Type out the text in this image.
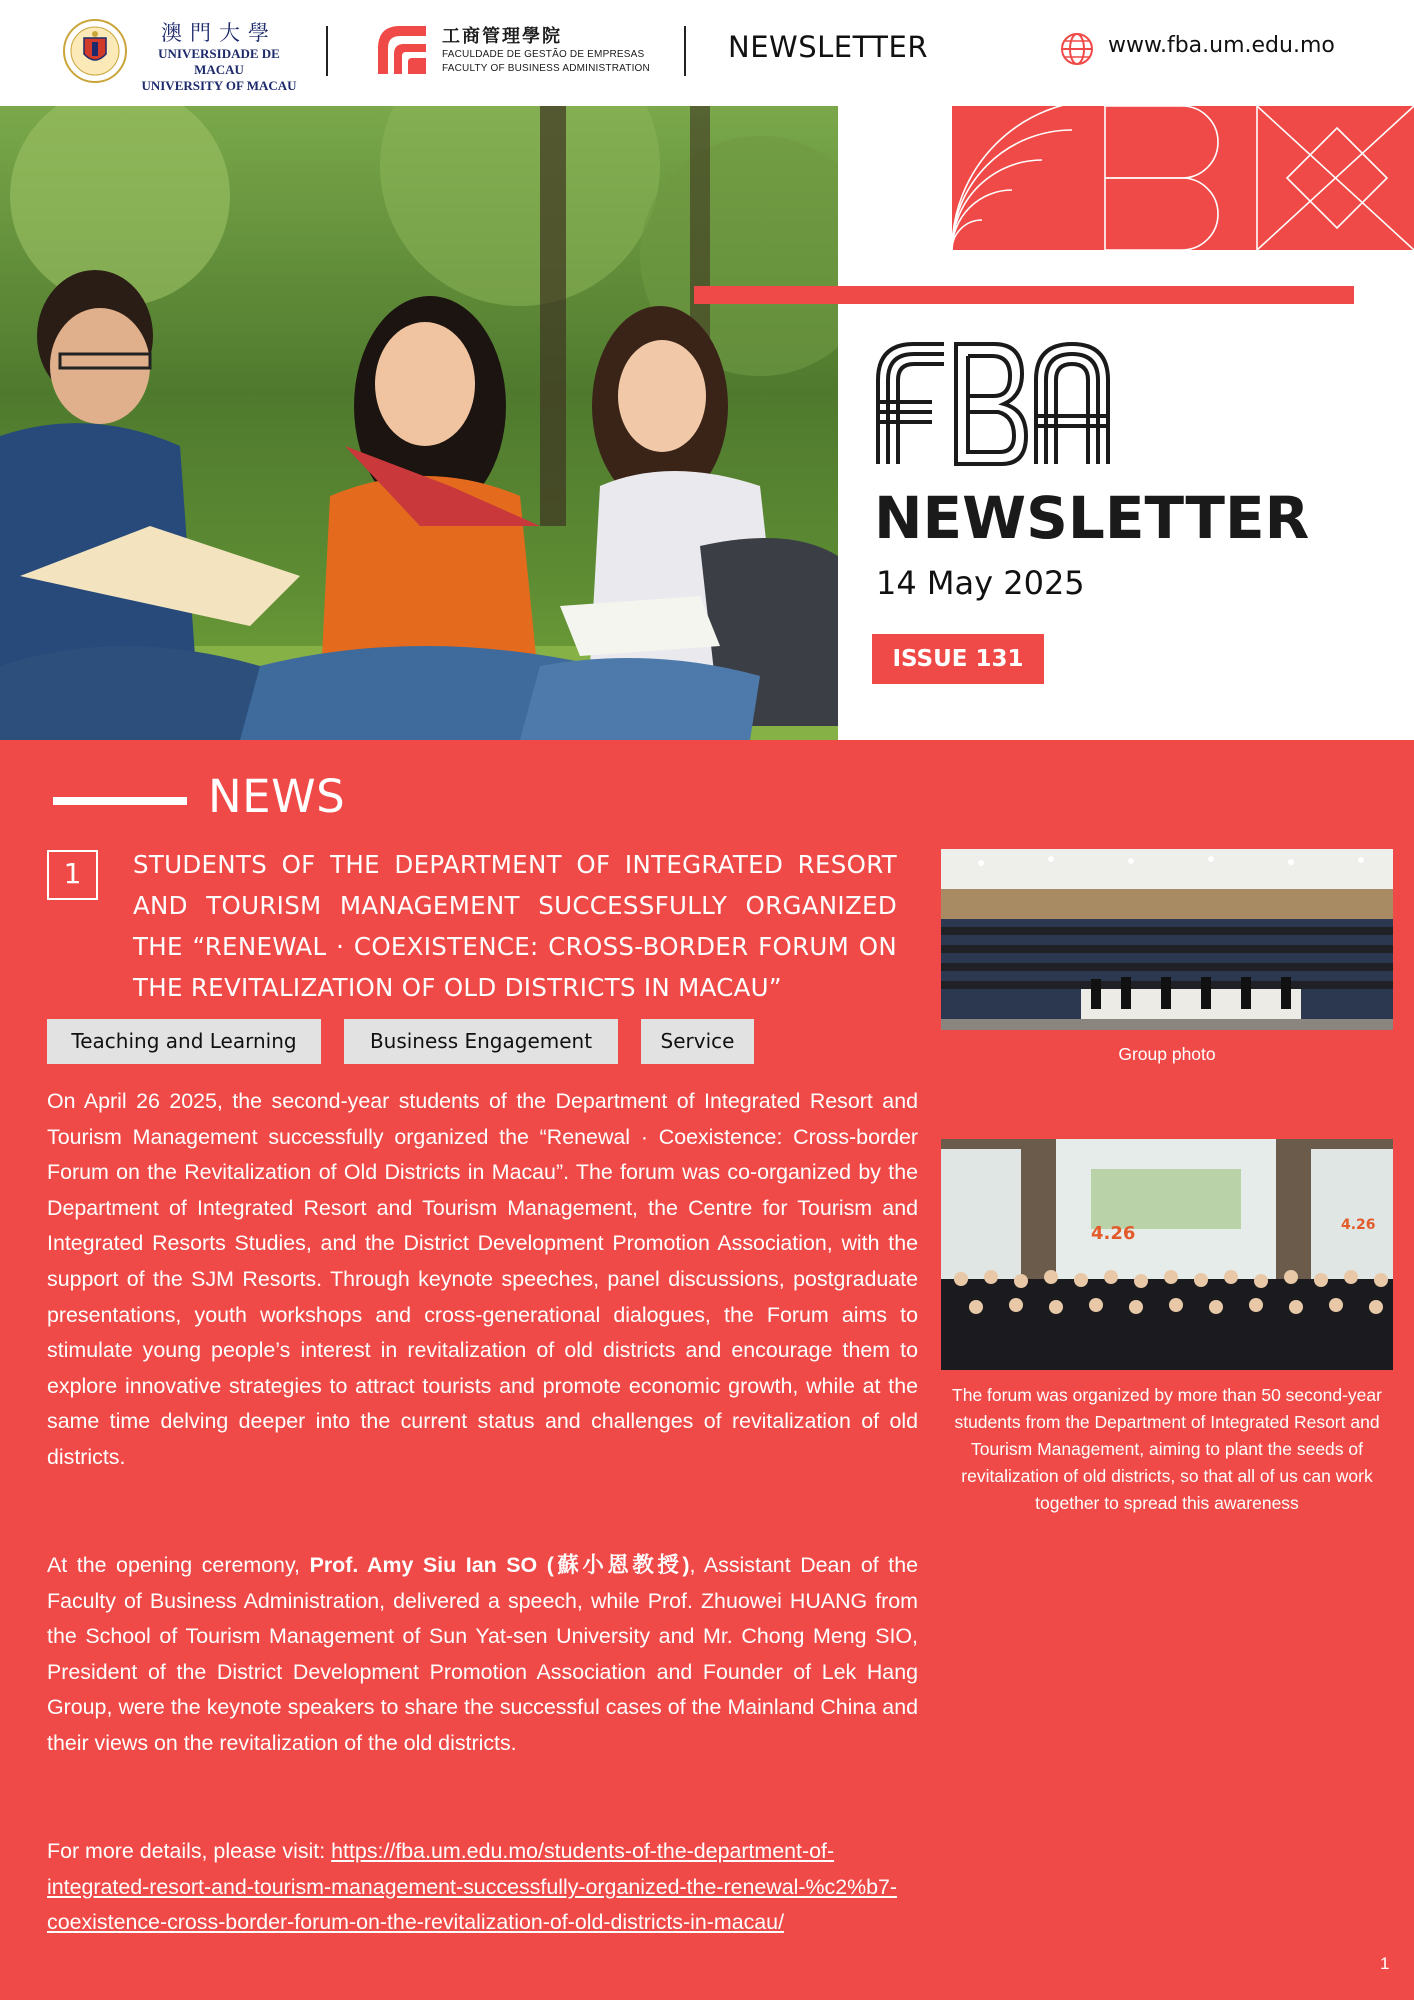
澳門大學
UNIVERSIDADE DE MACAU
UNIVERSITY OF MACAU
工商管理學院
FACULDADE DE GESTÃO DE EMPRESAS
FACULTY OF BUSINESS ADMINISTRATION
NEWSLETTER	www.fba.um.edu.mo
NEWSLETTER
14 May 2025
ISSUE 131
NEWS
1	STUDENTS OF THE DEPARTMENT OF INTEGRATED RESORT AND TOURISM MANAGEMENT SUCCESSFULLY ORGANIZED THE “RENEWAL · COEXISTENCE: CROSS-BORDER FORUM ON THE REVITALIZATION OF OLD DISTRICTS IN MACAU”
Teaching and Learning	Business Engagement	Service

On April 26 2025, the second-year students of the Department of Integrated Resort and Tourism Management successfully organized the “Renewal · Coexistence: Cross-border Forum on the Revitalization of Old Districts in Macau”. The forum was co-organized by the Department of Integrated Resort and Tourism Management, the Centre for Tourism and Integrated Resorts Studies, and the District Development Promotion Association, with the support of the SJM Resorts. Through keynote speeches, panel discussions, postgraduate presentations, youth workshops and cross-generational dialogues, the Forum aims to stimulate young people’s interest in revitalization of old districts and encourage them to explore innovative strategies to attract tourists and promote economic growth, while at the same time delving deeper into the current status and challenges of revitalization of old districts.

At the opening ceremony, Prof. Amy Siu Ian SO (蘇小恩教授), Assistant Dean of the Faculty of Business Administration, delivered a speech, while Prof. Zhuowei HUANG from the School of Tourism Management of Sun Yat-sen University and Mr. Chong Meng SIO, President of the District Development Promotion Association and Founder of Lek Hang Group, were the keynote speakers to share the successful cases of the Mainland China and their views on the revitalization of the old districts.

For more details, please visit: https://fba.um.edu.mo/students-of-the-department-of-integrated-resort-and-tourism-management-successfully-organized-the-renewal-%c2%b7-coexistence-cross-border-forum-on-the-revitalization-of-old-districts-in-macau/

Group photo
4.26	4.26
The forum was organized by more than 50 second-year students from the Department of Integrated Resort and Tourism Management, aiming to plant the seeds of revitalization of old districts, so that all of us can work together to spread this awareness
1
